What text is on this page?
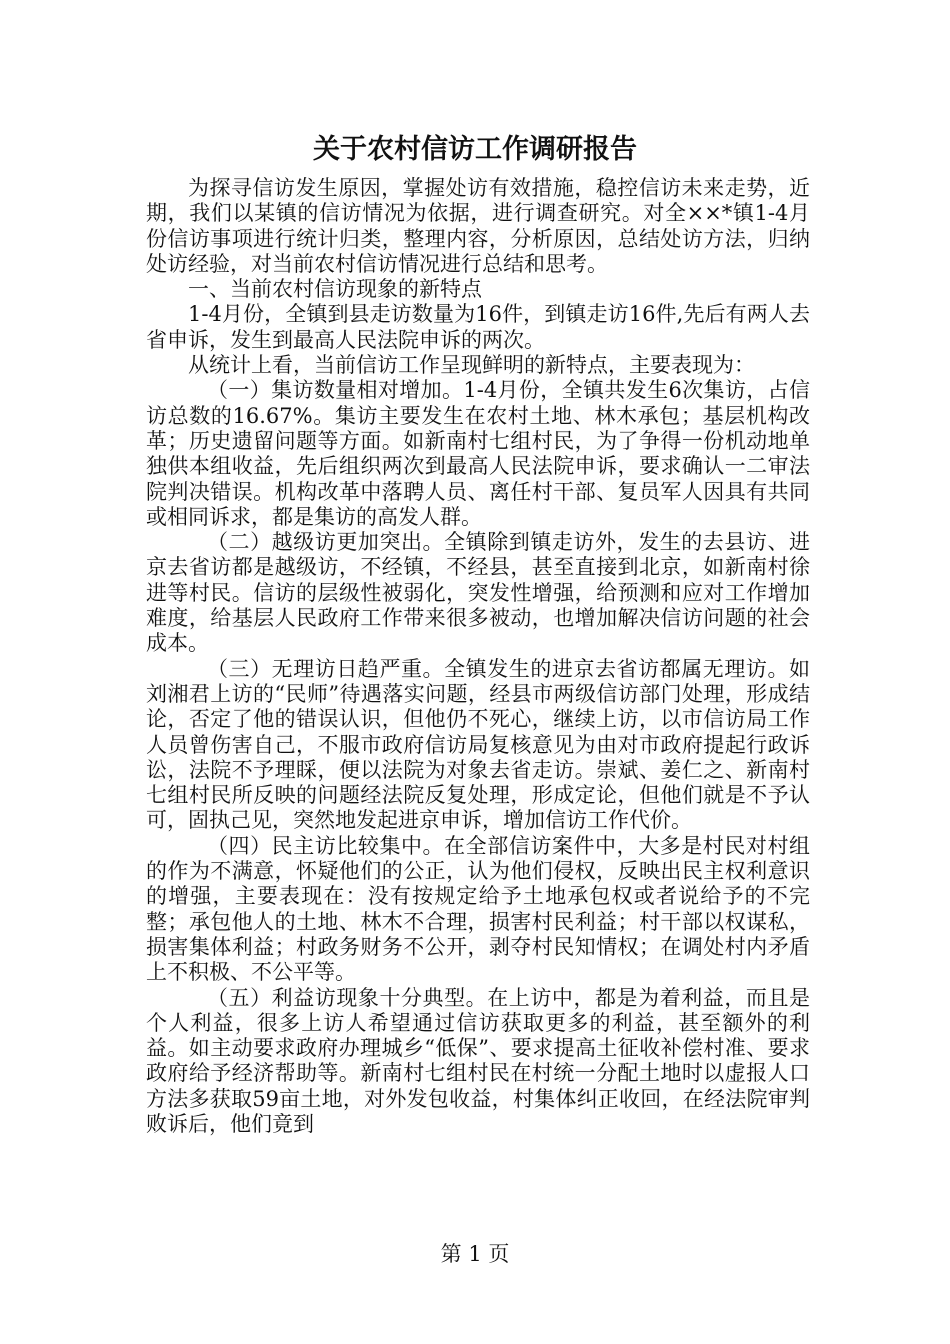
关于农村信访工作调研报告

为探寻信访发生原因，掌握处访有效措施，稳控信访未来走势，近期，我们以某镇的信访情况为依据，进行调查研究。对全××*镇1-4月份信访事项进行统计归类，整理内容，分析原因，总结处访方法，归纳处访经验，对当前农村信访情况进行总结和思考。

一、当前农村信访现象的新特点

1-4月份，全镇到县走访数量为16件，到镇走访16件,先后有两人去省申诉，发生到最高人民法院申诉的两次。

从统计上看，当前信访工作呈现鲜明的新特点，主要表现为：

（一）集访数量相对增加。1-4月份，全镇共发生6次集访，占信访总数的16.67%。集访主要发生在农村土地、林木承包；基层机构改革；历史遗留问题等方面。如新南村七组村民，为了争得一份机动地单独供本组收益，先后组织两次到最高人民法院申诉，要求确认一二审法院判决错误。机构改革中落聘人员、离任村干部、复员军人因具有共同或相同诉求，都是集访的高发人群。

（二）越级访更加突出。全镇除到镇走访外，发生的去县访、进京去省访都是越级访，不经镇，不经县，甚至直接到北京，如新南村徐进等村民。信访的层级性被弱化，突发性增强，给预测和应对工作增加难度，给基层人民政府工作带来很多被动，也增加解决信访问题的社会成本。

（三）无理访日趋严重。全镇发生的进京去省访都属无理访。如刘湘君上访的“民师”待遇落实问题，经县市两级信访部门处理，形成结论，否定了他的错误认识，但他仍不死心，继续上访，以市信访局工作人员曾伤害自己，不服市政府信访局复核意见为由对市政府提起行政诉讼，法院不予理睬，便以法院为对象去省走访。崇斌、姜仁之、新南村七组村民所反映的问题经法院反复处理，形成定论，但他们就是不予认可，固执己见，突然地发起进京申诉，增加信访工作代价。

（四）民主访比较集中。在全部信访案件中，大多是村民对村组的作为不满意，怀疑他们的公正，认为他们侵权，反映出民主权利意识的增强，主要表现在：没有按规定给予土地承包权或者说给予的不完整；承包他人的土地、林木不合理，损害村民利益；村干部以权谋私，损害集体利益；村政务财务不公开，剥夺村民知情权；在调处村内矛盾上不积极、不公平等。

（五）利益访现象十分典型。在上访中，都是为着利益，而且是个人利益，很多上访人希望通过信访获取更多的利益，甚至额外的利益。如主动要求政府办理城乡“低保”、要求提高土征收补偿村准、要求政府给予经济帮助等。新南村七组村民在村统一分配土地时以虚报人口方法多获取59亩土地，对外发包收益，村集体纠正收回，在经法院审判败诉后，他们竟到

第 1 页
